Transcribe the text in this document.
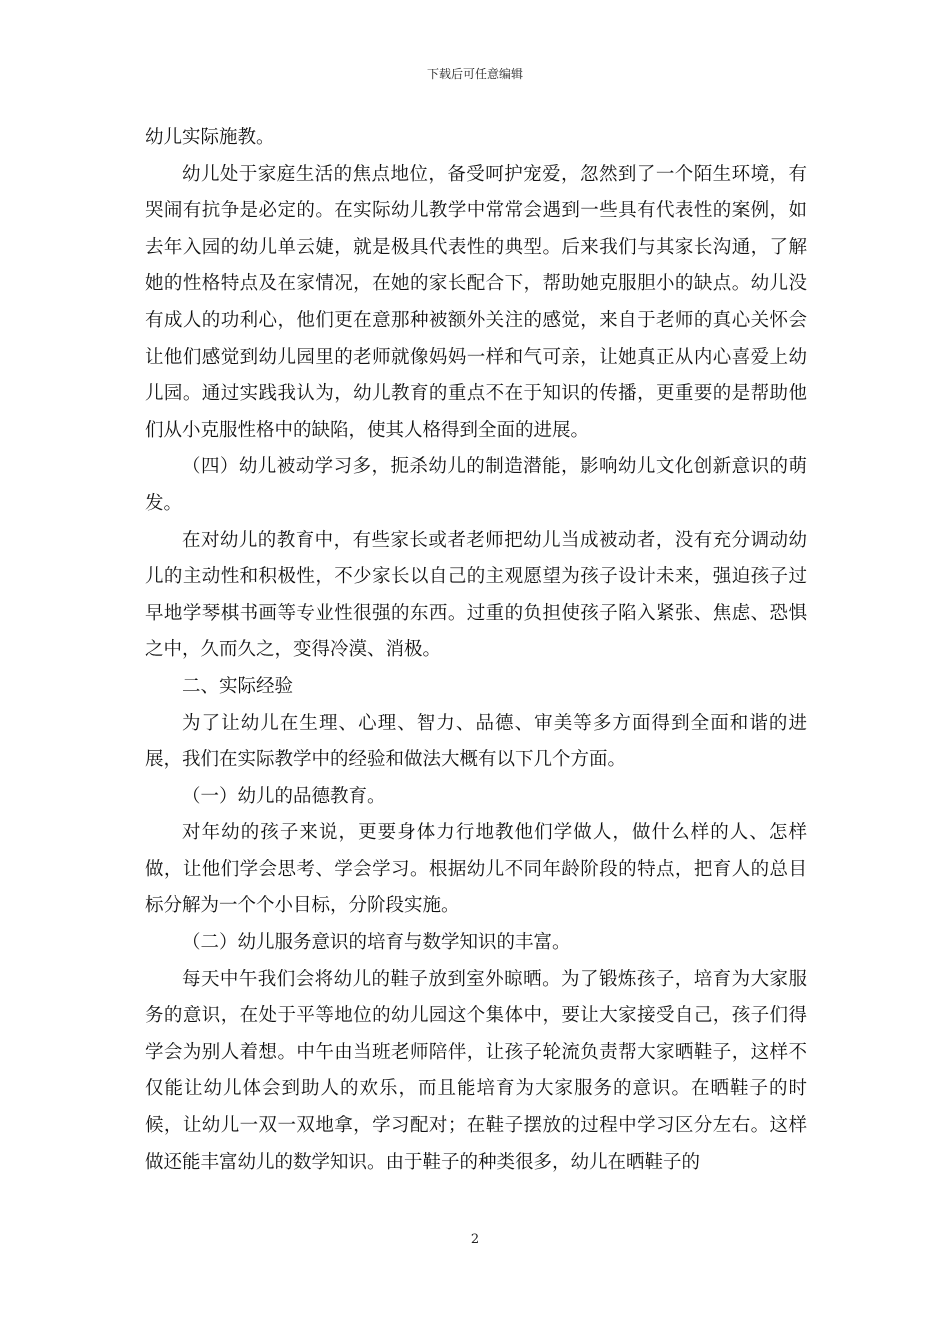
下载后可任意编辑

幼儿实际施教。

幼儿处于家庭生活的焦点地位，备受呵护宠爱，忽然到了一个陌生环境，有哭闹有抗争是必定的。在实际幼儿教学中常常会遇到一些具有代表性的案例，如去年入园的幼儿单云婕，就是极具代表性的典型。后来我们与其家长沟通，了解她的性格特点及在家情况，在她的家长配合下，帮助她克服胆小的缺点。幼儿没有成人的功利心，他们更在意那种被额外关注的感觉，来自于老师的真心关怀会让他们感觉到幼儿园里的老师就像妈妈一样和气可亲，让她真正从内心喜爱上幼儿园。通过实践我认为，幼儿教育的重点不在于知识的传播，更重要的是帮助他们从小克服性格中的缺陷，使其人格得到全面的进展。

（四）幼儿被动学习多，扼杀幼儿的制造潜能，影响幼儿文化创新意识的萌发。

在对幼儿的教育中，有些家长或者老师把幼儿当成被动者，没有充分调动幼儿的主动性和积极性，不少家长以自己的主观愿望为孩子设计未来，强迫孩子过早地学琴棋书画等专业性很强的东西。过重的负担使孩子陷入紧张、焦虑、恐惧之中，久而久之，变得冷漠、消极。

二、实际经验

为了让幼儿在生理、心理、智力、品德、审美等多方面得到全面和谐的进展，我们在实际教学中的经验和做法大概有以下几个方面。

（一）幼儿的品德教育。

对年幼的孩子来说，更要身体力行地教他们学做人，做什么样的人、怎样做，让他们学会思考、学会学习。根据幼儿不同年龄阶段的特点，把育人的总目标分解为一个个小目标，分阶段实施。

（二）幼儿服务意识的培育与数学知识的丰富。

每天中午我们会将幼儿的鞋子放到室外晾晒。为了锻炼孩子，培育为大家服务的意识，在处于平等地位的幼儿园这个集体中，要让大家接受自己，孩子们得学会为别人着想。中午由当班老师陪伴，让孩子轮流负责帮大家晒鞋子，这样不仅能让幼儿体会到助人的欢乐，而且能培育为大家服务的意识。在晒鞋子的时候，让幼儿一双一双地拿，学习配对；在鞋子摆放的过程中学习区分左右。这样做还能丰富幼儿的数学知识。由于鞋子的种类很多，幼儿在晒鞋子的

2
